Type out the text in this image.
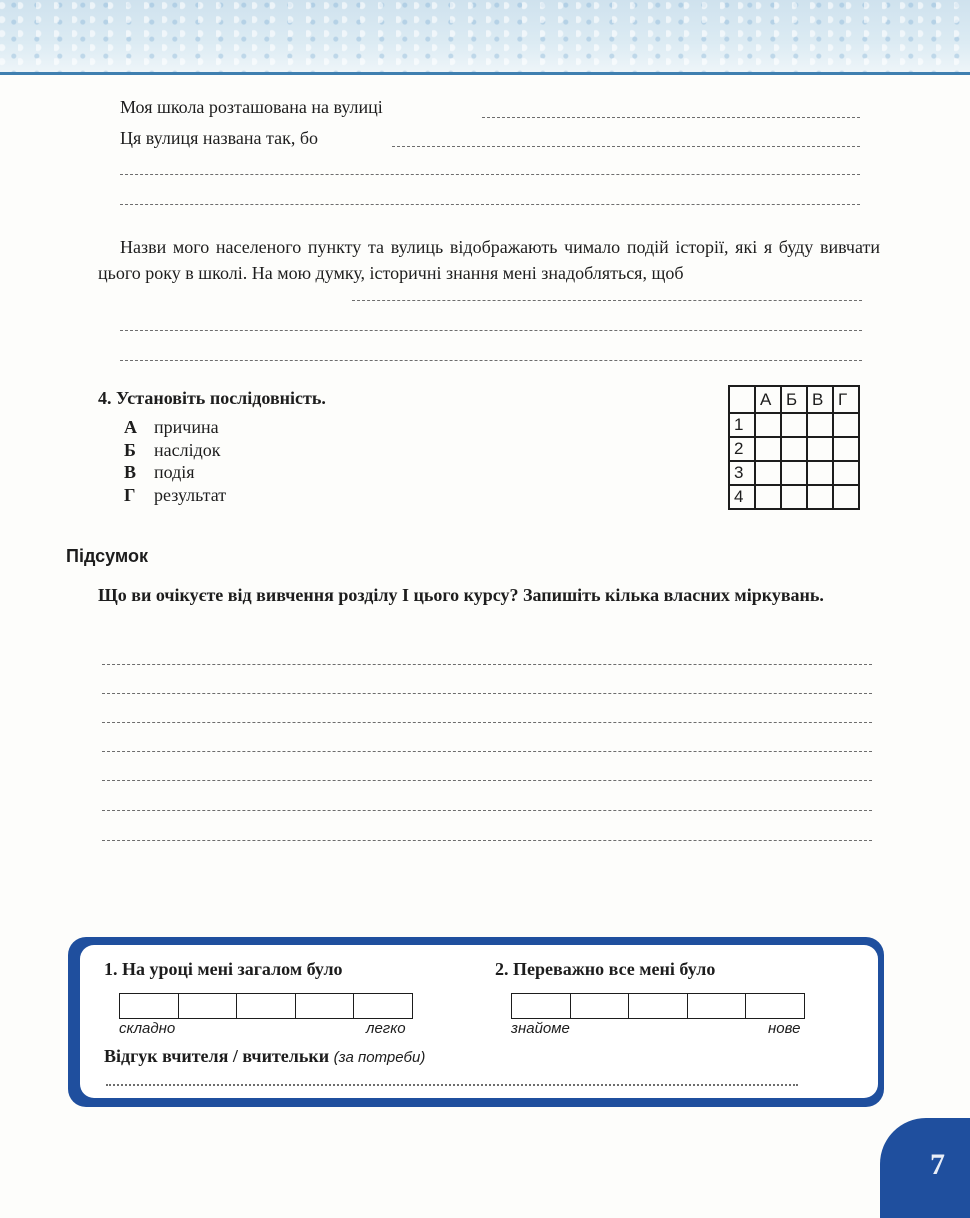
Моя школа розташована на вулиці
Ця вулиця названа так, бо
Назви мого населеного пункту та вулиць відображають чимало подій історії, які я буду вивчати цього року в школі. На мою думку, історичні знання мені знадобляться, щоб
4. Установіть послідовність.
А причина
Б наслідок
В подія
Г результат
	А	Б	В	Г
1				
2				
3				
4				
Підсумок
Що ви очікуєте від вивчення розділу І цього курсу? Запишіть кілька власних міркувань.
1. На уроці мені загалом було
складно	легко
2. Переважно все мені було
знайоме	нове
Відгук вчителя / вчительки (за потреби)
7
